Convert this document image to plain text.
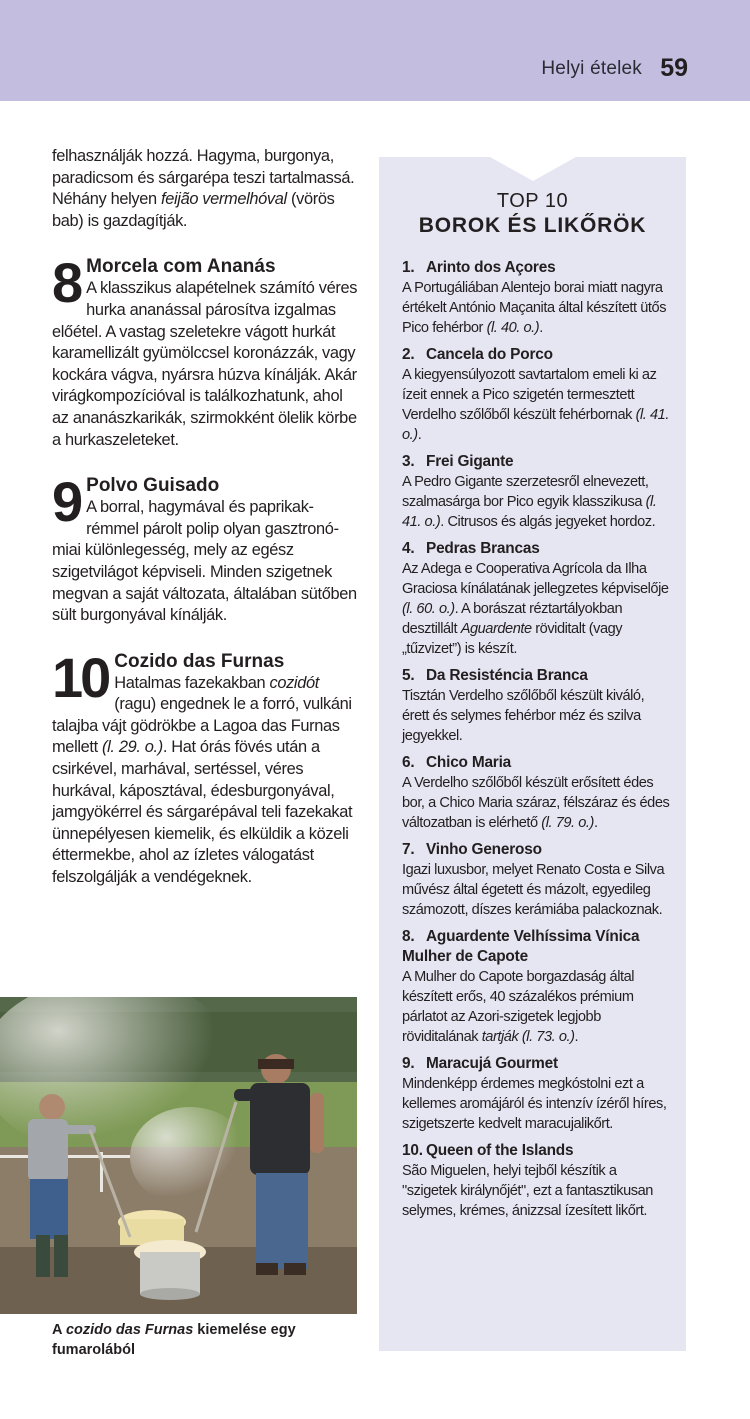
Helyi ételek 59

felhasználják hozzá. Hagyma, burgonya, paradicsom és sárgarépa teszi tartalmassá. Néhány helyen feijão vermelhóval (vörös bab) is gazdagítják.

8 Morcela com Ananás
A klasszikus alapételnek számító véres hurka ananással párosítva izgalmas előétel. A vastag szeletekre vágott hurkát karamellizált gyümölccsel koronázzák, vagy kockára vágva, nyársra húzva kínálják. Akár virágkompozícióval is találkozhatunk, ahol az ananászkarikák, szirmokként ölelik körbe a hurkaszeleteket.
9 Polvo Guisado
A borral, hagymával és paprikakrémmel párolt polip olyan gasztronómiai különlegesség, mely az egész szigetvilágot képviseli. Minden szigetnek megvan a saját változata, általában sütőben sült burgonyával kínálják.
10 Cozido das Furnas
Hatalmas fazekakban cozidót (ragu) engednek le a forró, vulkáni talajba vájt gödrökbe a Lagoa das Furnas mellett (l. 29. o.). Hat órás fövés után a csirkével, marhával, sertéssel, véres hurkával, káposztával, édesburgonyával, jamgyökérrel és sárgarépával teli fazekakat ünnepélyesen kiemelik, és elküldik a közeli éttermekbe, ahol az ízletes válogatást felszolgálják a vendégeknek.
A cozido das Furnas kiemelése egy fumarolából
TOP 10
BOROK ÉS LIKŐRÖK
1. Arinto dos Açores
A Portugáliában Alentejo borai miatt nagyra értékelt António Maçanita által készített ütős Pico fehérbor (l. 40. o.).
2. Cancela do Porco
A kiegyensúlyozott savtartalom emeli ki az ízeit ennek a Pico szigetén termesztett Verdelho szőlőből készült fehérbornak (l. 41. o.).
3. Frei Gigante
A Pedro Gigante szerzetesről elnevezett, szalmasárga bor Pico egyik klasszikusa (l. 41. o.). Citrusos és algás jegyeket hordoz.
4. Pedras Brancas
Az Adega e Cooperativa Agrícola da Ilha Graciosa kínálatának jellegzetes képviselője (l. 60. o.). A borászat réztartályokban desztillált Aguardente röviditalt (vagy „tűzvizet”) is készít.
5. Da Resisténcia Branca
Tisztán Verdelho szőlőből készült kiváló, érett és selymes fehérbor méz és szilva jegyekkel.
6. Chico Maria
A Verdelho szőlőből készült erősített édes bor, a Chico Maria száraz, félszáraz és édes változatban is elérhető (l. 79. o.).
7. Vinho Generoso
Igazi luxusbor, melyet Renato Costa e Silva művész által égetett és mázolt, egyedileg számozott, díszes kerámiába palackoznak.
8. Aguardente Velhíssima Vínica Mulher de Capote
A Mulher do Capote borgazdaság által készített erős, 40 százalékos prémium párlatot az Azori-szigetek legjobb röviditalának tartják (l. 73. o.).
9. Maracujá Gourmet
Mindenképp érdemes megkóstolni ezt a kellemes aromájáról és intenzív ízéről híres, szigetszerte kedvelt maracujalikőrt.
10. Queen of the Islands
São Miguelen, helyi tejből készítik a "szigetek királynőjét", ezt a fantasztikusan selymes, krémes, ánizzsal ízesített likőrt.
